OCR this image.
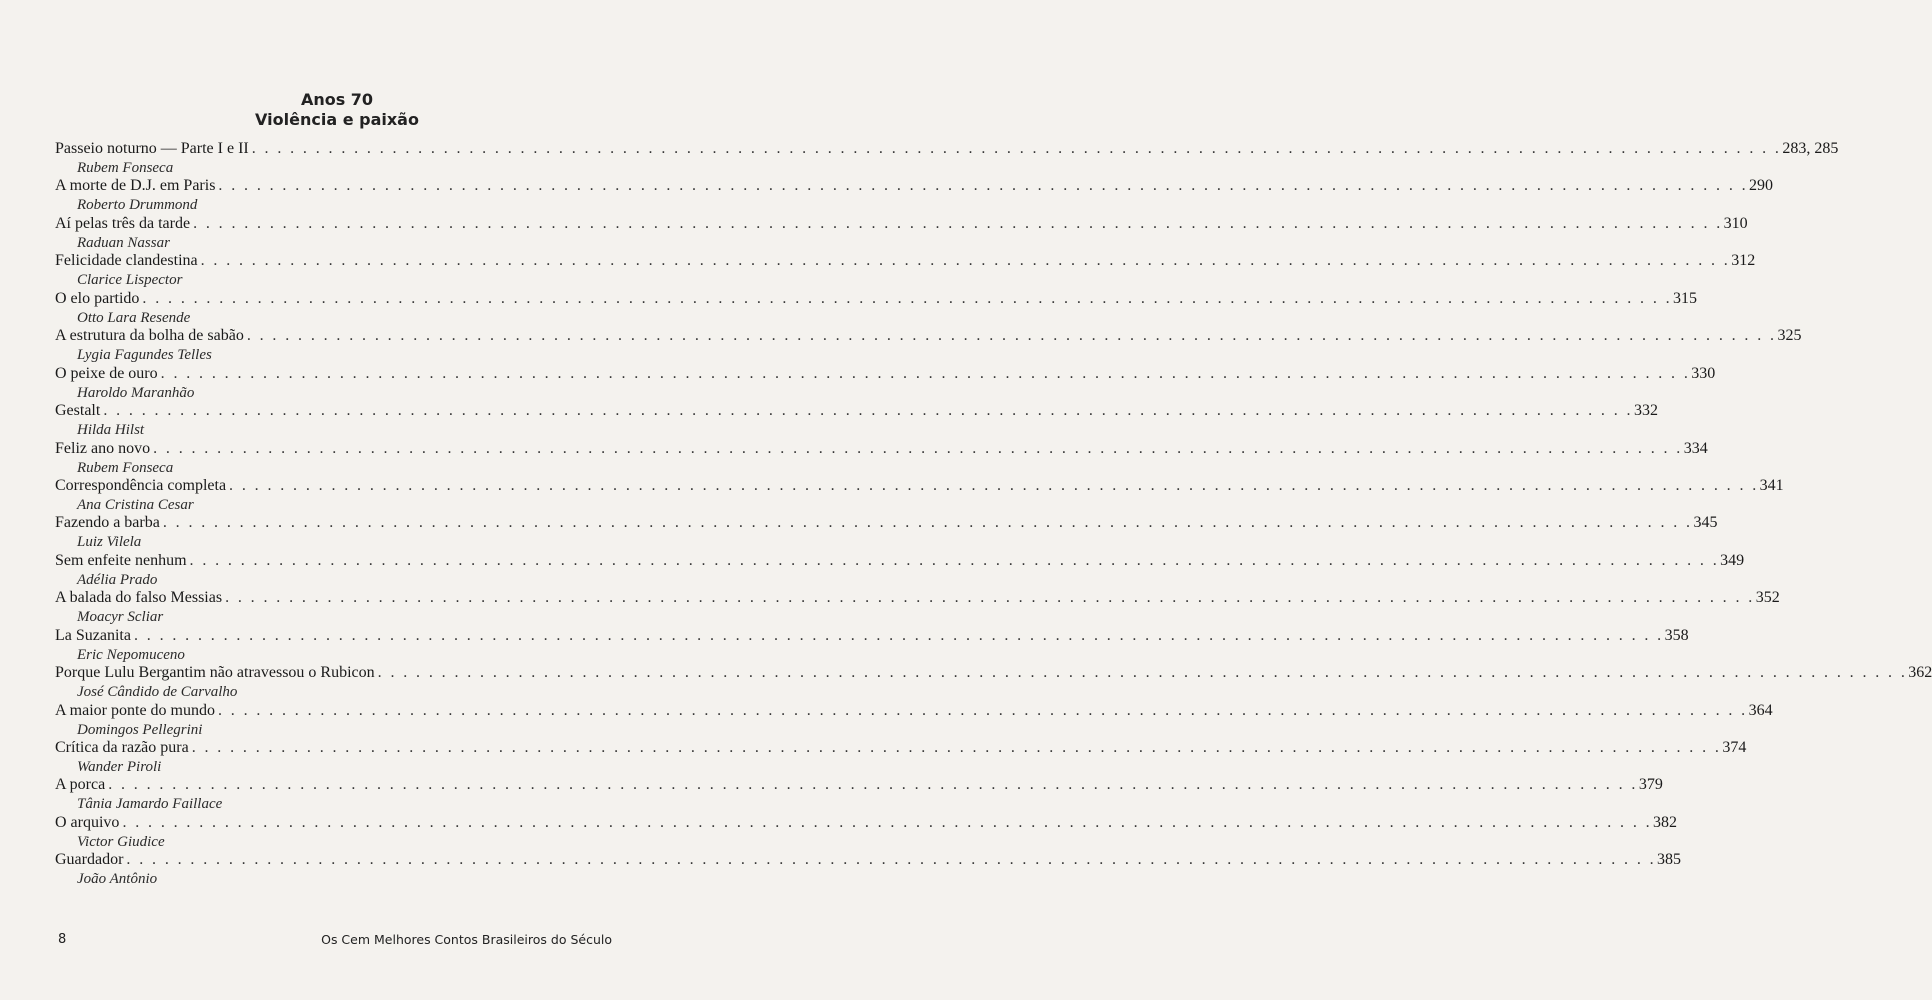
Anos 70
Violência e paixão
Passeio noturno — Parte I e II . . . . . . . . . . . . . . . . . . . . . . . . . . . . . . . . . . . . . . . . . . . . . . . . . . . . . . . . . . . . . . . . . . . . . . . . . . . . . . . . . . . . . . . . . . . . . . . . . . . . . . . . . . . . . . . . . . . . . . . . 283, 285
Rubem Fonseca
A morte de D.J. em Paris . . . . . . . . . . . . . . . . . . . . . . . . . . . . . . . . . . . . . . . . . . . . . . . . . . . . . . . . . . . . . . . . . . . . . . . . . . . . . . . . . . . . . . . . . . . . . . . . . . . . . . . . . . . . . . . . . . . . . . . . 290
Roberto Drummond
Aí pelas três da tarde . . . . . . . . . . . . . . . . . . . . . . . . . . . . . . . . . . . . . . . . . . . . . . . . . . . . . . . . . . . . . . . . . . . . . . . . . . . . . . . . . . . . . . . . . . . . . . . . . . . . . . . . . . . . . . . . . . . . . . . . 310
Raduan Nassar
Felicidade clandestina . . . . . . . . . . . . . . . . . . . . . . . . . . . . . . . . . . . . . . . . . . . . . . . . . . . . . . . . . . . . . . . . . . . . . . . . . . . . . . . . . . . . . . . . . . . . . . . . . . . . . . . . . . . . . . . . . . . . . . . . 312
Clarice Lispector
O elo partido . . . . . . . . . . . . . . . . . . . . . . . . . . . . . . . . . . . . . . . . . . . . . . . . . . . . . . . . . . . . . . . . . . . . . . . . . . . . . . . . . . . . . . . . . . . . . . . . . . . . . . . . . . . . . . . . . . . . . . . . 315
Otto Lara Resende
A estrutura da bolha de sabão . . . . . . . . . . . . . . . . . . . . . . . . . . . . . . . . . . . . . . . . . . . . . . . . . . . . . . . . . . . . . . . . . . . . . . . . . . . . . . . . . . . . . . . . . . . . . . . . . . . . . . . . . . . . . . . . . . . . . . . . 325
Lygia Fagundes Telles
O peixe de ouro . . . . . . . . . . . . . . . . . . . . . . . . . . . . . . . . . . . . . . . . . . . . . . . . . . . . . . . . . . . . . . . . . . . . . . . . . . . . . . . . . . . . . . . . . . . . . . . . . . . . . . . . . . . . . . . . . . . . . . . . 330
Haroldo Maranhão
Gestalt . . . . . . . . . . . . . . . . . . . . . . . . . . . . . . . . . . . . . . . . . . . . . . . . . . . . . . . . . . . . . . . . . . . . . . . . . . . . . . . . . . . . . . . . . . . . . . . . . . . . . . . . . . . . . . . . . . . . . . . . 332
Hilda Hilst
Feliz ano novo . . . . . . . . . . . . . . . . . . . . . . . . . . . . . . . . . . . . . . . . . . . . . . . . . . . . . . . . . . . . . . . . . . . . . . . . . . . . . . . . . . . . . . . . . . . . . . . . . . . . . . . . . . . . . . . . . . . . . . . . 334
Rubem Fonseca
Correspondência completa . . . . . . . . . . . . . . . . . . . . . . . . . . . . . . . . . . . . . . . . . . . . . . . . . . . . . . . . . . . . . . . . . . . . . . . . . . . . . . . . . . . . . . . . . . . . . . . . . . . . . . . . . . . . . . . . . . . . . . . . 341
Ana Cristina Cesar
Fazendo a barba . . . . . . . . . . . . . . . . . . . . . . . . . . . . . . . . . . . . . . . . . . . . . . . . . . . . . . . . . . . . . . . . . . . . . . . . . . . . . . . . . . . . . . . . . . . . . . . . . . . . . . . . . . . . . . . . . . . . . . . . 345
Luiz Vilela
Sem enfeite nenhum . . . . . . . . . . . . . . . . . . . . . . . . . . . . . . . . . . . . . . . . . . . . . . . . . . . . . . . . . . . . . . . . . . . . . . . . . . . . . . . . . . . . . . . . . . . . . . . . . . . . . . . . . . . . . . . . . . . . . . . . 349
Adélia Prado
A balada do falso Messias . . . . . . . . . . . . . . . . . . . . . . . . . . . . . . . . . . . . . . . . . . . . . . . . . . . . . . . . . . . . . . . . . . . . . . . . . . . . . . . . . . . . . . . . . . . . . . . . . . . . . . . . . . . . . . . . . . . . . . . . 352
Moacyr Scliar
La Suzanita . . . . . . . . . . . . . . . . . . . . . . . . . . . . . . . . . . . . . . . . . . . . . . . . . . . . . . . . . . . . . . . . . . . . . . . . . . . . . . . . . . . . . . . . . . . . . . . . . . . . . . . . . . . . . . . . . . . . . . . . 358
Eric Nepomuceno
Porque Lulu Bergantim não atravessou o Rubicon . . . . . . . . . . . . . . . . . . . . . . . . . . . . . . . . . . . . . . . . . . . . . . . . . . . . . . . . . . . . . . . . . . . . . . . . . . . . . . . . . . . . . . . . . . . . . . . . . . . . . . . . . . . . . . . . . . . . . . . . 362
José Cândido de Carvalho
A maior ponte do mundo . . . . . . . . . . . . . . . . . . . . . . . . . . . . . . . . . . . . . . . . . . . . . . . . . . . . . . . . . . . . . . . . . . . . . . . . . . . . . . . . . . . . . . . . . . . . . . . . . . . . . . . . . . . . . . . . . . . . . . . . 364
Domingos Pellegrini
Crítica da razão pura . . . . . . . . . . . . . . . . . . . . . . . . . . . . . . . . . . . . . . . . . . . . . . . . . . . . . . . . . . . . . . . . . . . . . . . . . . . . . . . . . . . . . . . . . . . . . . . . . . . . . . . . . . . . . . . . . . . . . . . . 374
Wander Piroli
A porca . . . . . . . . . . . . . . . . . . . . . . . . . . . . . . . . . . . . . . . . . . . . . . . . . . . . . . . . . . . . . . . . . . . . . . . . . . . . . . . . . . . . . . . . . . . . . . . . . . . . . . . . . . . . . . . . . . . . . . . . 379
Tânia Jamardo Faillace
O arquivo . . . . . . . . . . . . . . . . . . . . . . . . . . . . . . . . . . . . . . . . . . . . . . . . . . . . . . . . . . . . . . . . . . . . . . . . . . . . . . . . . . . . . . . . . . . . . . . . . . . . . . . . . . . . . . . . . . . . . . . . 382
Victor Giudice
Guardador . . . . . . . . . . . . . . . . . . . . . . . . . . . . . . . . . . . . . . . . . . . . . . . . . . . . . . . . . . . . . . . . . . . . . . . . . . . . . . . . . . . . . . . . . . . . . . . . . . . . . . . . . . . . . . . . . . . . . . . . 385
João Antônio
8	Os Cem Melhores Contos Brasileiros do Século
